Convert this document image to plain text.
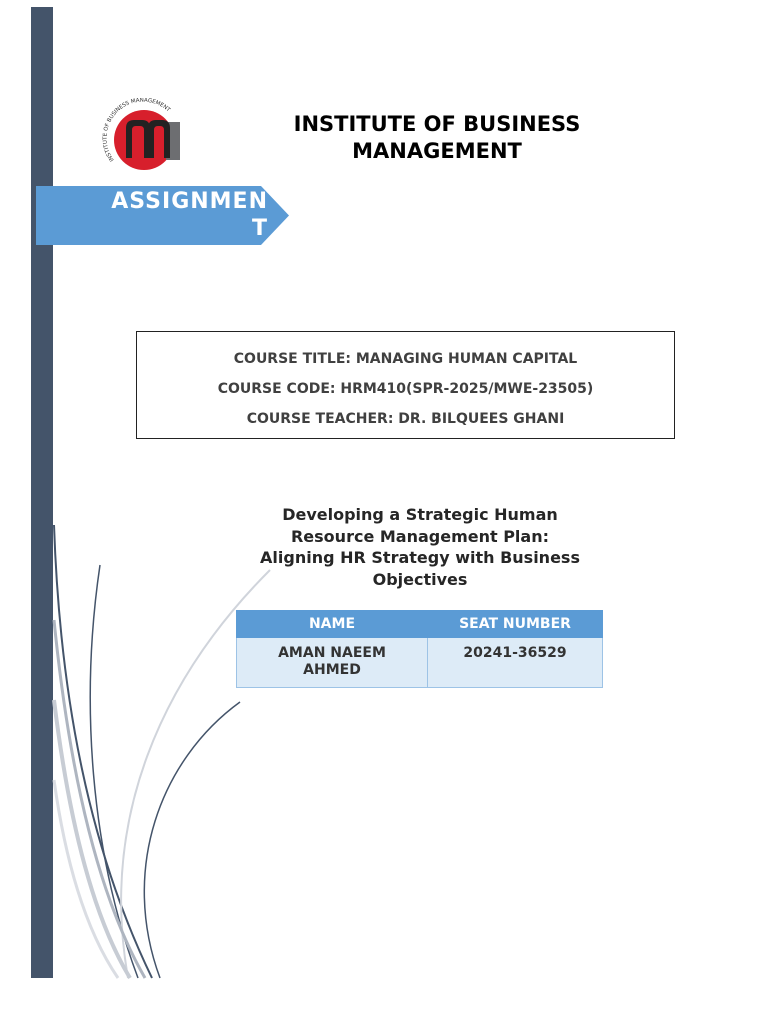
INSTITUTE OF BUSINESS MANAGEMENT
INSTITUTE OF BUSINESS
MANAGEMENT
ASSIGNMEN
T
COURSE TITLE: MANAGING HUMAN CAPITAL
COURSE CODE: HRM410(SPR-2025/MWE-23505)
COURSE TEACHER: DR. BILQUEES GHANI
Developing a Strategic Human
Resource Management Plan:
Aligning HR Strategy with Business
Objectives
NAME	SEAT NUMBER

AMAN NAEEM
AHMED	20241-36529
